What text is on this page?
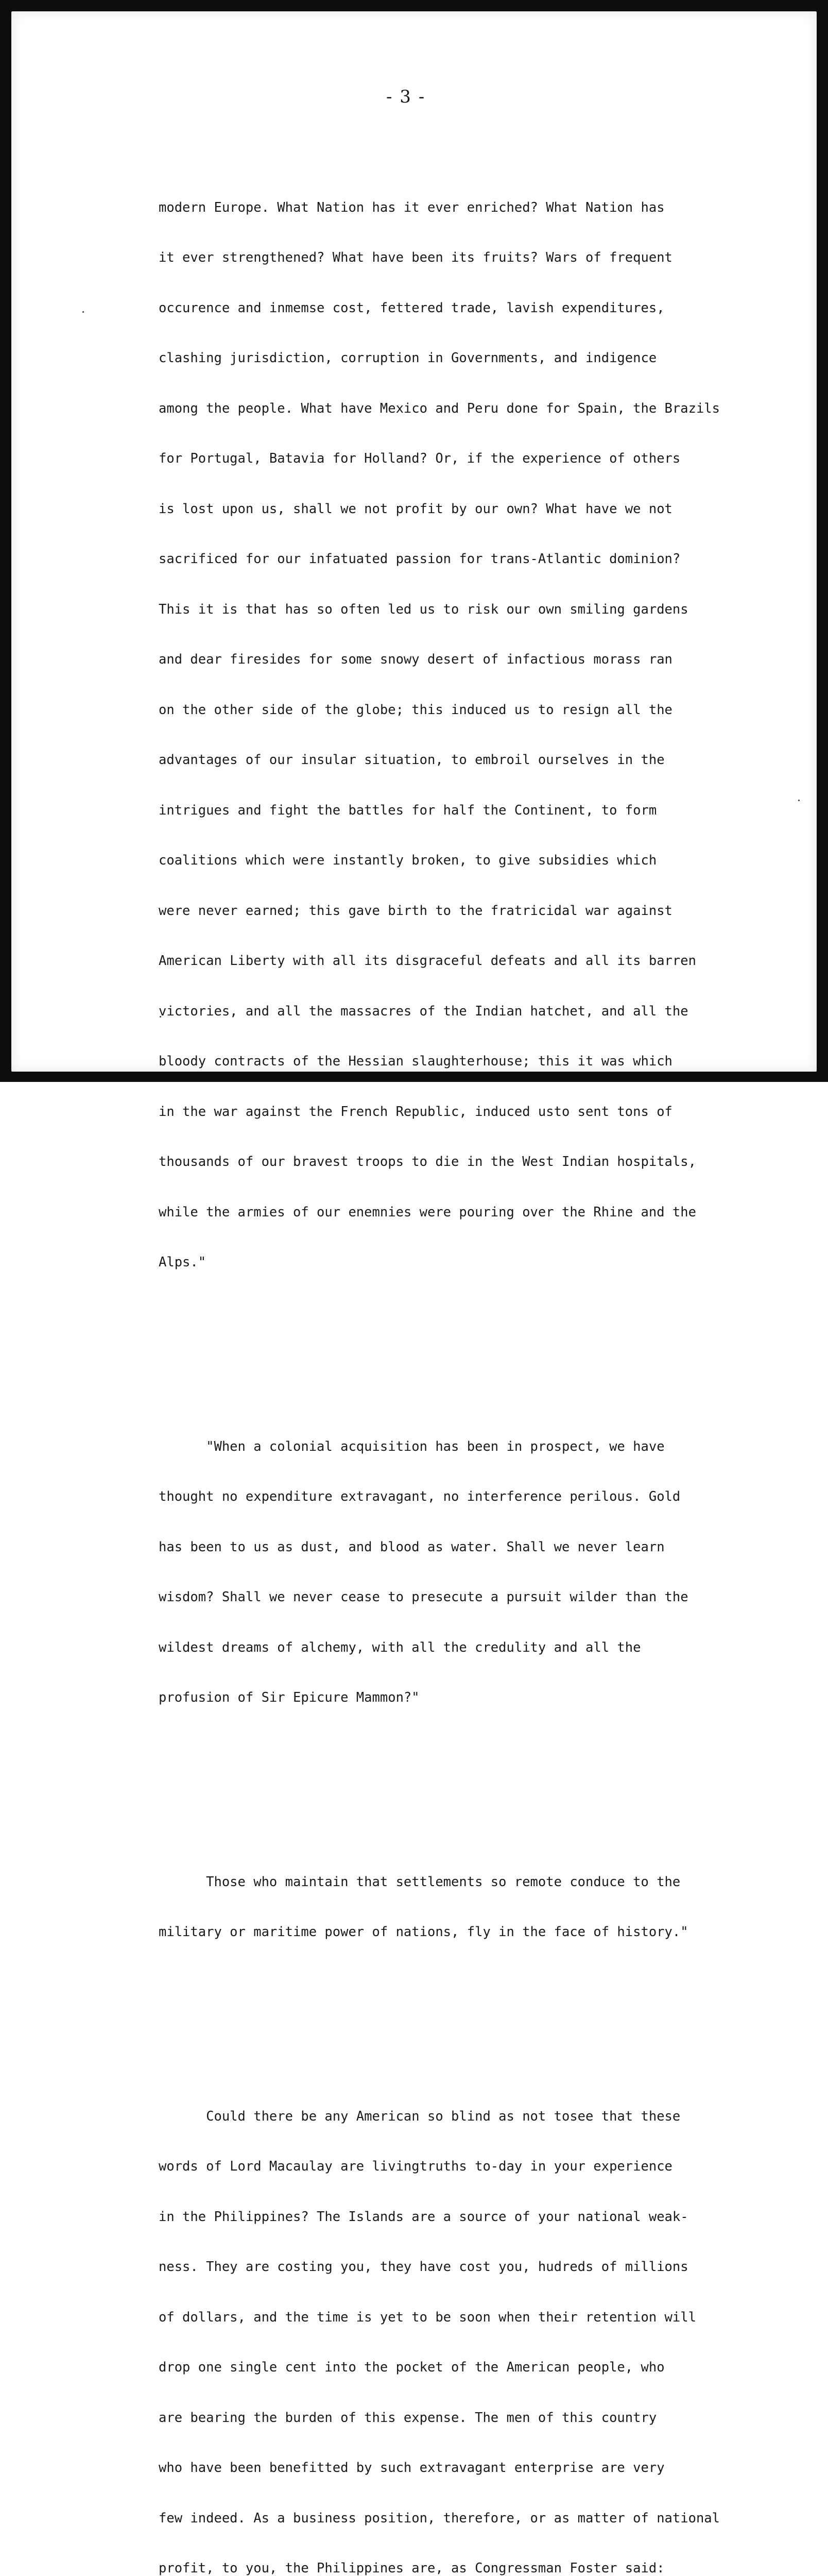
- 3 -

modern Europe. What Nation has it ever enriched? What Nation has

it ever strengthened? What have been its fruits? Wars of frequent

occurence and inmemse cost, fettered trade, lavish expenditures,

clashing jurisdiction, corruption in Governments, and indigence

among the people. What have Mexico and Peru done for Spain, the Brazils

for Portugal, Batavia for Holland? Or, if the experience of others

is lost upon us, shall we not profit by our own? What have we not

sacrificed for our infatuated passion for trans-Atlantic dominion?

This it is that has so often led us to risk our own smiling gardens

and dear firesides for some snowy desert of infactious morass ran

on the other side of the globe; this induced us to resign all the

advantages of our insular situation, to embroil ourselves in the

intrigues and fight the battles for half the Continent, to form

coalitions which were instantly broken, to give subsidies which

were never earned; this gave birth to the fratricidal war against

American Liberty with all its disgraceful defeats and all its barren

victories, and all the massacres of the Indian hatchet, and all the

bloody contracts of the Hessian slaughterhouse; this it was which

in the war against the French Republic, induced usto sent tons of

thousands of our bravest troops to die in the West Indian hospitals,

while the armies of our enemnies were pouring over the Rhine and the

Alps."

"When a colonial acquisition has been in prospect, we have

thought no expenditure extravagant, no interference perilous. Gold

has been to us as dust, and blood as water. Shall we never learn

wisdom? Shall we never cease to presecute a pursuit wilder than the

wildest dreams of alchemy, with all the credulity and all the

profusion of Sir Epicure Mammon?"

Those who maintain that settlements so remote conduce to the

military or maritime power of nations, fly in the face of history."

Could there be any American so blind as not tosee that these

words of Lord Macaulay are livingtruths to-day in your experience

in the Philippines? The Islands are a source of your national weak-

ness. They are costing you, they have cost you, hudreds of millions

of dollars, and the time is yet to be soon when their retention will

drop one single cent into the pocket of the American people, who

are bearing the burden of this expense. The men of this country

who have been benefitted by such extravagant enterprise are very

few indeed. As a business position, therefore, or as matter of national

profit, to you, the Philippines are, as Congressman Foster said:
